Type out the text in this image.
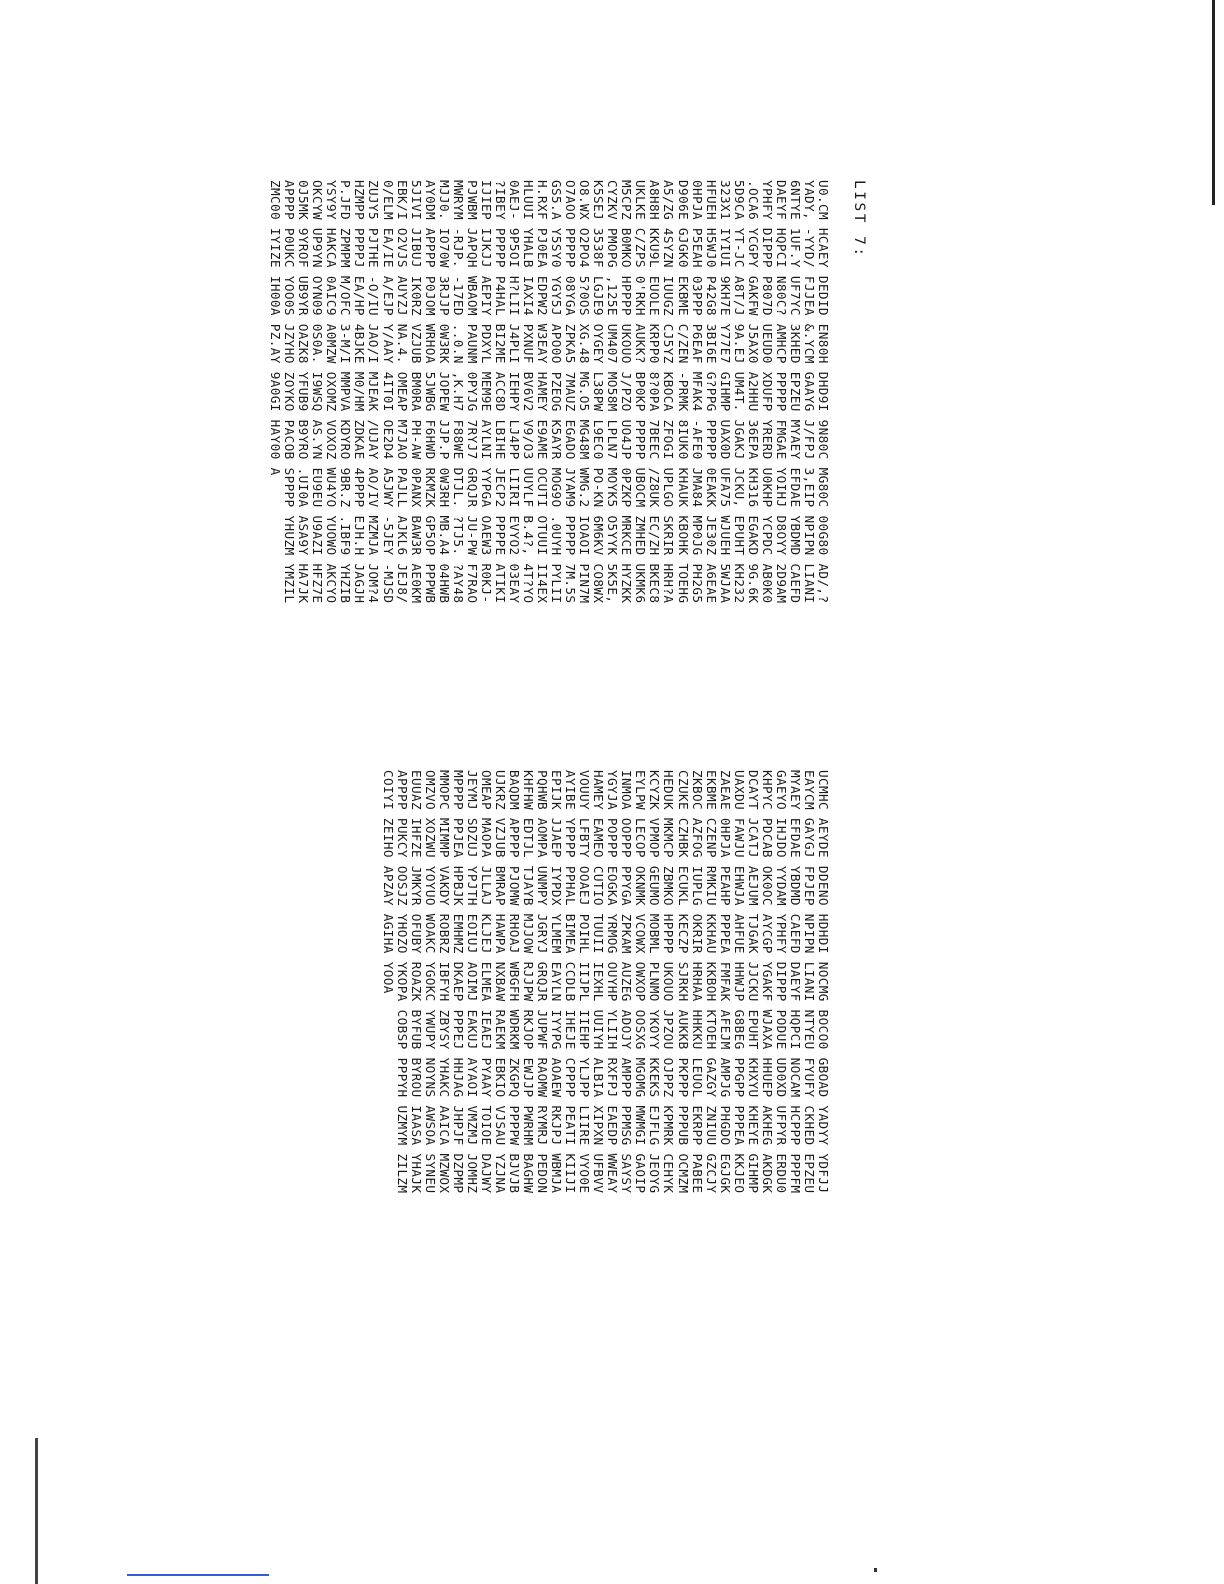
LIST 7:
U0.CM HCAEY DEDID EN80H DHD9I 9N80C MG80C 00G80 AD/,?
YADY, -YYD/ FJJEA &.YCM GAAYG J/FPJ 3,EIP NPIPN LIANI
6NTYE 1UF.Y UF7YC 3KHED EPZEU MYAEY EFDAE YBDMD CAEFD
DAEYF HQPCI N80C? AMHCP PPPPP FMGAE YOIHJ D8OYY 2D9AM
YPHFY DIPPP P807D UEUD0 XDUFP YRERD U0KHP YCPDC AB0K0
.OCA6 YCGPY GAKFW J5AX0 A2HHU 36EPA KH316 EGAKD 9G.6K
5D9CA YT-JC A8T/J 9A.EJ UM4T. JGAKJ JCKU, EPUHT KH232
323X1 IYIUI 9KH7E Y77E7 GIHMP UAX0D UFA75 WJUEH 5WJAA
HFUEH H5WJ0 P42G8 3BI6E G?PPG PPPPP 0EAKK JE30Z A6EAE
0HPJA P5EAH 03PPP P6EAF MFAK4 -AFE0 JMA84 MP0JG PH2G5
D906E GJGK0 EKBME C/ZEN -PRMK 8IUK0 KHAUK KBOHK TOEHG
A5/ZG 4SYZN IUUGZ CJ5YZ KBOCA ZFOGI UPLGO SKRIR HRH?A
A8H8H KKU9L EUOLE KRPP0 8?0PA 7BEEC /Z8UK EC/ZH BKEC8
UKLKE C/ZPS 0'RKH AUKK? BP0KP PPPPP UBOCM ZMHED UKMK6
M5CPZ B0MKO HPPPP UKOUO J/PZO UO4JP 0PZKP MRKCE HYZKK
CYZKV PMOPG ,125E UM407 MO58M LPLN7 MOYK5 O5YYK 5K5E,
K5SEJ 3538F LGJE9 OYGEY L38PW L9EC0 PO-KN 6M6KV CO8WX
O8.WX O2PO4 5?0OS XG.48 MG.O5 MG48M WMG.2 IOAOI PIN7M
O7AOO PPPPP 08YGA ZPKA5 7MAUZ EGADO JYAM9 PPPPP 7M.5S
GS5.A Y5SY0 YGY5J APO0O PZEOG K5AYR MOG9O .0UYH PYLII
H.RXF PJ0EA EDPW2 W3EAY HAMEY E9AME OCUTI OTUUI II4EX
HLUUI YHALB IAXI4 PXNUF BV6V2 V9/O3 UUYLF B.4?, 4T?YO
0AEJ- 9P5OI H?LII J4PLI IEHPY LJ4PP LIIRI EVYO2 03EAY
?IBEY PPPPP P4HAL BI2ME ACC8D LBIHE JECP2 PPPPE ATIKI
IJIEP IJKJJ AEPIY PDXYL MEM9E AYLNI YYPGA OAEW3 R0KJ-
PJWBM JAPQH WBAOM PAUNM 0PYJG 7RYJ7 GRQJR JU-PW F7RAO
MWRYM -RJP. -17ED ..0.N ,K.H7 F88WE DTJL. ?TJ5. ?AY48
MJJ0. IO70W 3RJJP 0W3RK JOPEW JJP.P 0W3RH MB.A4 04HWB
AY0DM APPPP P0JOM WRHOA 5JWBG F6HWD RKMZK GP5OP PPPWB
5JIVI JIBUJ IK0RZ VZJUB BM0RA PH-AW 0PANX BAW3R AE0KM
EBK/I O2VJS AUYZJ NA.4. OMEAP M7JAO PAJLL AJKL6 JEJ8/
0/ELM EA/IE A/EJP Y/AAY 4IT0I OE2D4 A5JWY -5JEY -MJSD
ZUJY5 PJTHE -O/IU JAO/I MJEAK /UJAY AO/IV MZMJA JOM?4
HZMPP PPPPJ EA/HP 4BJKE M0/HM ZDKAE 4PPPP EJH.H JAGJH
P.JFD ZPMPM M/OFC 3-M/I MMPVA KDYRO 9BR.Z .IBF9 YHZIB
YSY9Y HAKCA 0AIC9 A0MZW OXOMZ VOXOZ WU4YO YUOWO AKCYO
OKCYW UP9YN OYN09 0S0A. I9WSQ AS.YN EU9EU U9AZI HFZ7E
0J5MK 9YROF UB9YR OAZK8 YFUB9 B9YRO .UI0A ASA9Y HA7JK
APPPP P0UKC YOO0S JZYHO ZOYKO PACOB SPPPP YHUZM YMZIL
ZMC00 IYIZE IH00A PZ.AY 9A0GI HAY00 A
UCMHC AEYDE DDENO HDHDI NOCMG BOCO0 GBOAD YADYY YDFJJ
EAYCM GAYGJ FPJEP NPIPN LIANI NTYEU FYUFY CKHED EPZEU
MYAEY EFDAE YBDMD CAEFD DAEYF HQPCI NOCAM HCPPP PPPFM
GAEYO IHJDO YYDAM YPHFY DIPPP PODUE UD0XD UFPYR ERDU0
KHPYC PDCAB OK0OC AYCGP YGAKF WJAXA HHUEP AKHEG AKDGK
DCAYT JCATJ AEJUM TJGAK JJCKU EPUHT KHXYU KHEYE GIHMP
UAXDU FAWJU EHWJA AHFUE HHWJP G8BEG PPGPP PPPEA KKJEO
ZAEAE 0HPJA PEAHP PPPEA FMFAK AFEJM AMPJG PHGDO EGJGK
EKBME CZENP RMKIU KKHAU KKBOH KTOEH GAZGY ZNIUU GZCJY
ZKBOC AZFOG IUPLG OKRIR HRHAA HHKKU LEUOL EKRPP PABEE
CZUKE CZHBK ECUKL KECZP SJRKH AUKKB PKPPP PPPUB OCMZM
HEDUK MKMCP ZBMKO HPPPP UKOUO JPZOU OJPPZ KPMRK CEHYK
KCYZK VPMOP GEUMO MOBML PLNMO YKOYY KKEKS EJFLG JEOYG
EYLPW LECOP OKNMK VCOWX OWXOP OOSXG MGOMG MWMGI GAOIP
INMOA OOPPP PPYGA ZPKAM AUZEG ADOJY AMPPP PPMSG SAYSY
YGYJA POPPP EOGKA YRMOG OUYHP YLIIH RXFPJ EAEDP WWEAY
HAMEY EAMEO CUTIO TUUII IEXHL UUIYH ALBIA XIPXN UFBVV
VOUUY LFBTY OOAEJ POIHL IIJPL IIEHP YLJPP LIIRE VYO0E
AYIBE YPPPP PPHAL BIMEA CCDLB IHEJE CPPPP PEATI KIIJI
EPIJK JJAEP IYPDX YLMEM EAYLN IYYPG AOAEW RKJPJ WBMJA
PQHWB AOMPA UNMPY JGRYJ GRQJR JUPWF RAOMW RYMRJ PEDON
KHFHW EDTJL TJAYB MJJOW RJJPW RKJOP EWJJP PWRHM BAGHW
BAQDM APPPP PJOMW RHOAJ WBGFH WDRKM ZKGPQ PPPPW BJVJB
UJKRZ VZJUB BMRAP HAWPA NXBAW RAEKM EBKIO VJSAU YZJNA
OMEAP MAOPA JLLAJ KLJEJ ELMEA IEAEJ PYAAY TOIOE DAJWY
JEYMJ SDZUJ YPJTH EOIUJ AOIMJ EAKUJ AYAOI VMZMJ JOMHZ
MPPPP PPJEA HPBJK EMHMZ DKAEP PPPEJ HHJAG JHPJF DZPMP
MMOPC MIMMP VAKDY ROBRZ IBFYH ZBYSY YHAKC AAICA MZWOX
OMZVO XOZWU YOYUO WOAKC YGOKC YWUPY NOYNS AWSOA SYNEU
EUUAZ IHFZE JMKYR OFUBY ROAZK BYFUB BYROU IAASA YHAJK
APPPP PUKCY OOSJZ YHOZO YKOPA COBSP PPPYH UZMYM ZILZM
COIYI ZEIHO APZAY AGIHA YOOA
